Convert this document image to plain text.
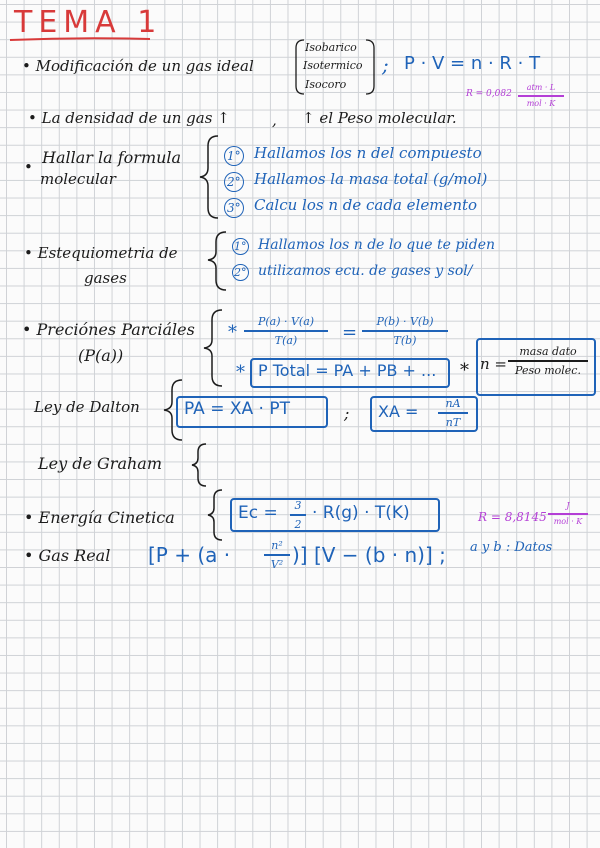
TEMA 1
• Modificación de un gas ideal
Isobarico
Isotermico
Isocoro
; P · V = n · R · T
R = 0,082
atm · L
mol · K
• La densidad de un gas ↑	, ↑ el Peso molecular.
• Hallar la formula
molecular
1° Hallamos los n del compuesto
2° Hallamos la masa total (g/mol)
3° Calcu los n de cada elemento
• Estequiometria de
gases
1° Hallamos los n de lo que te piden
2° utilizamos ecu. de gases y sol/
• Preciónes Parciáles
(P(a))
*
P(a) · V(a)
T(a)	=
P(b) · V(b)
T(b)
* P Total = PA + PB + ... * n =
masa dato
Peso molec.
Ley de Dalton	PA = XA · PT	; XA =	nA
nT
Ley de Graham
• Energía Cinetica	Ec =	3
2
· R(g) · T(K)	R = 8,8145
J
mol · K
• Gas Real [P + (a ·	n²
V² )] [V − (b · n)] ; a y b : Datos
